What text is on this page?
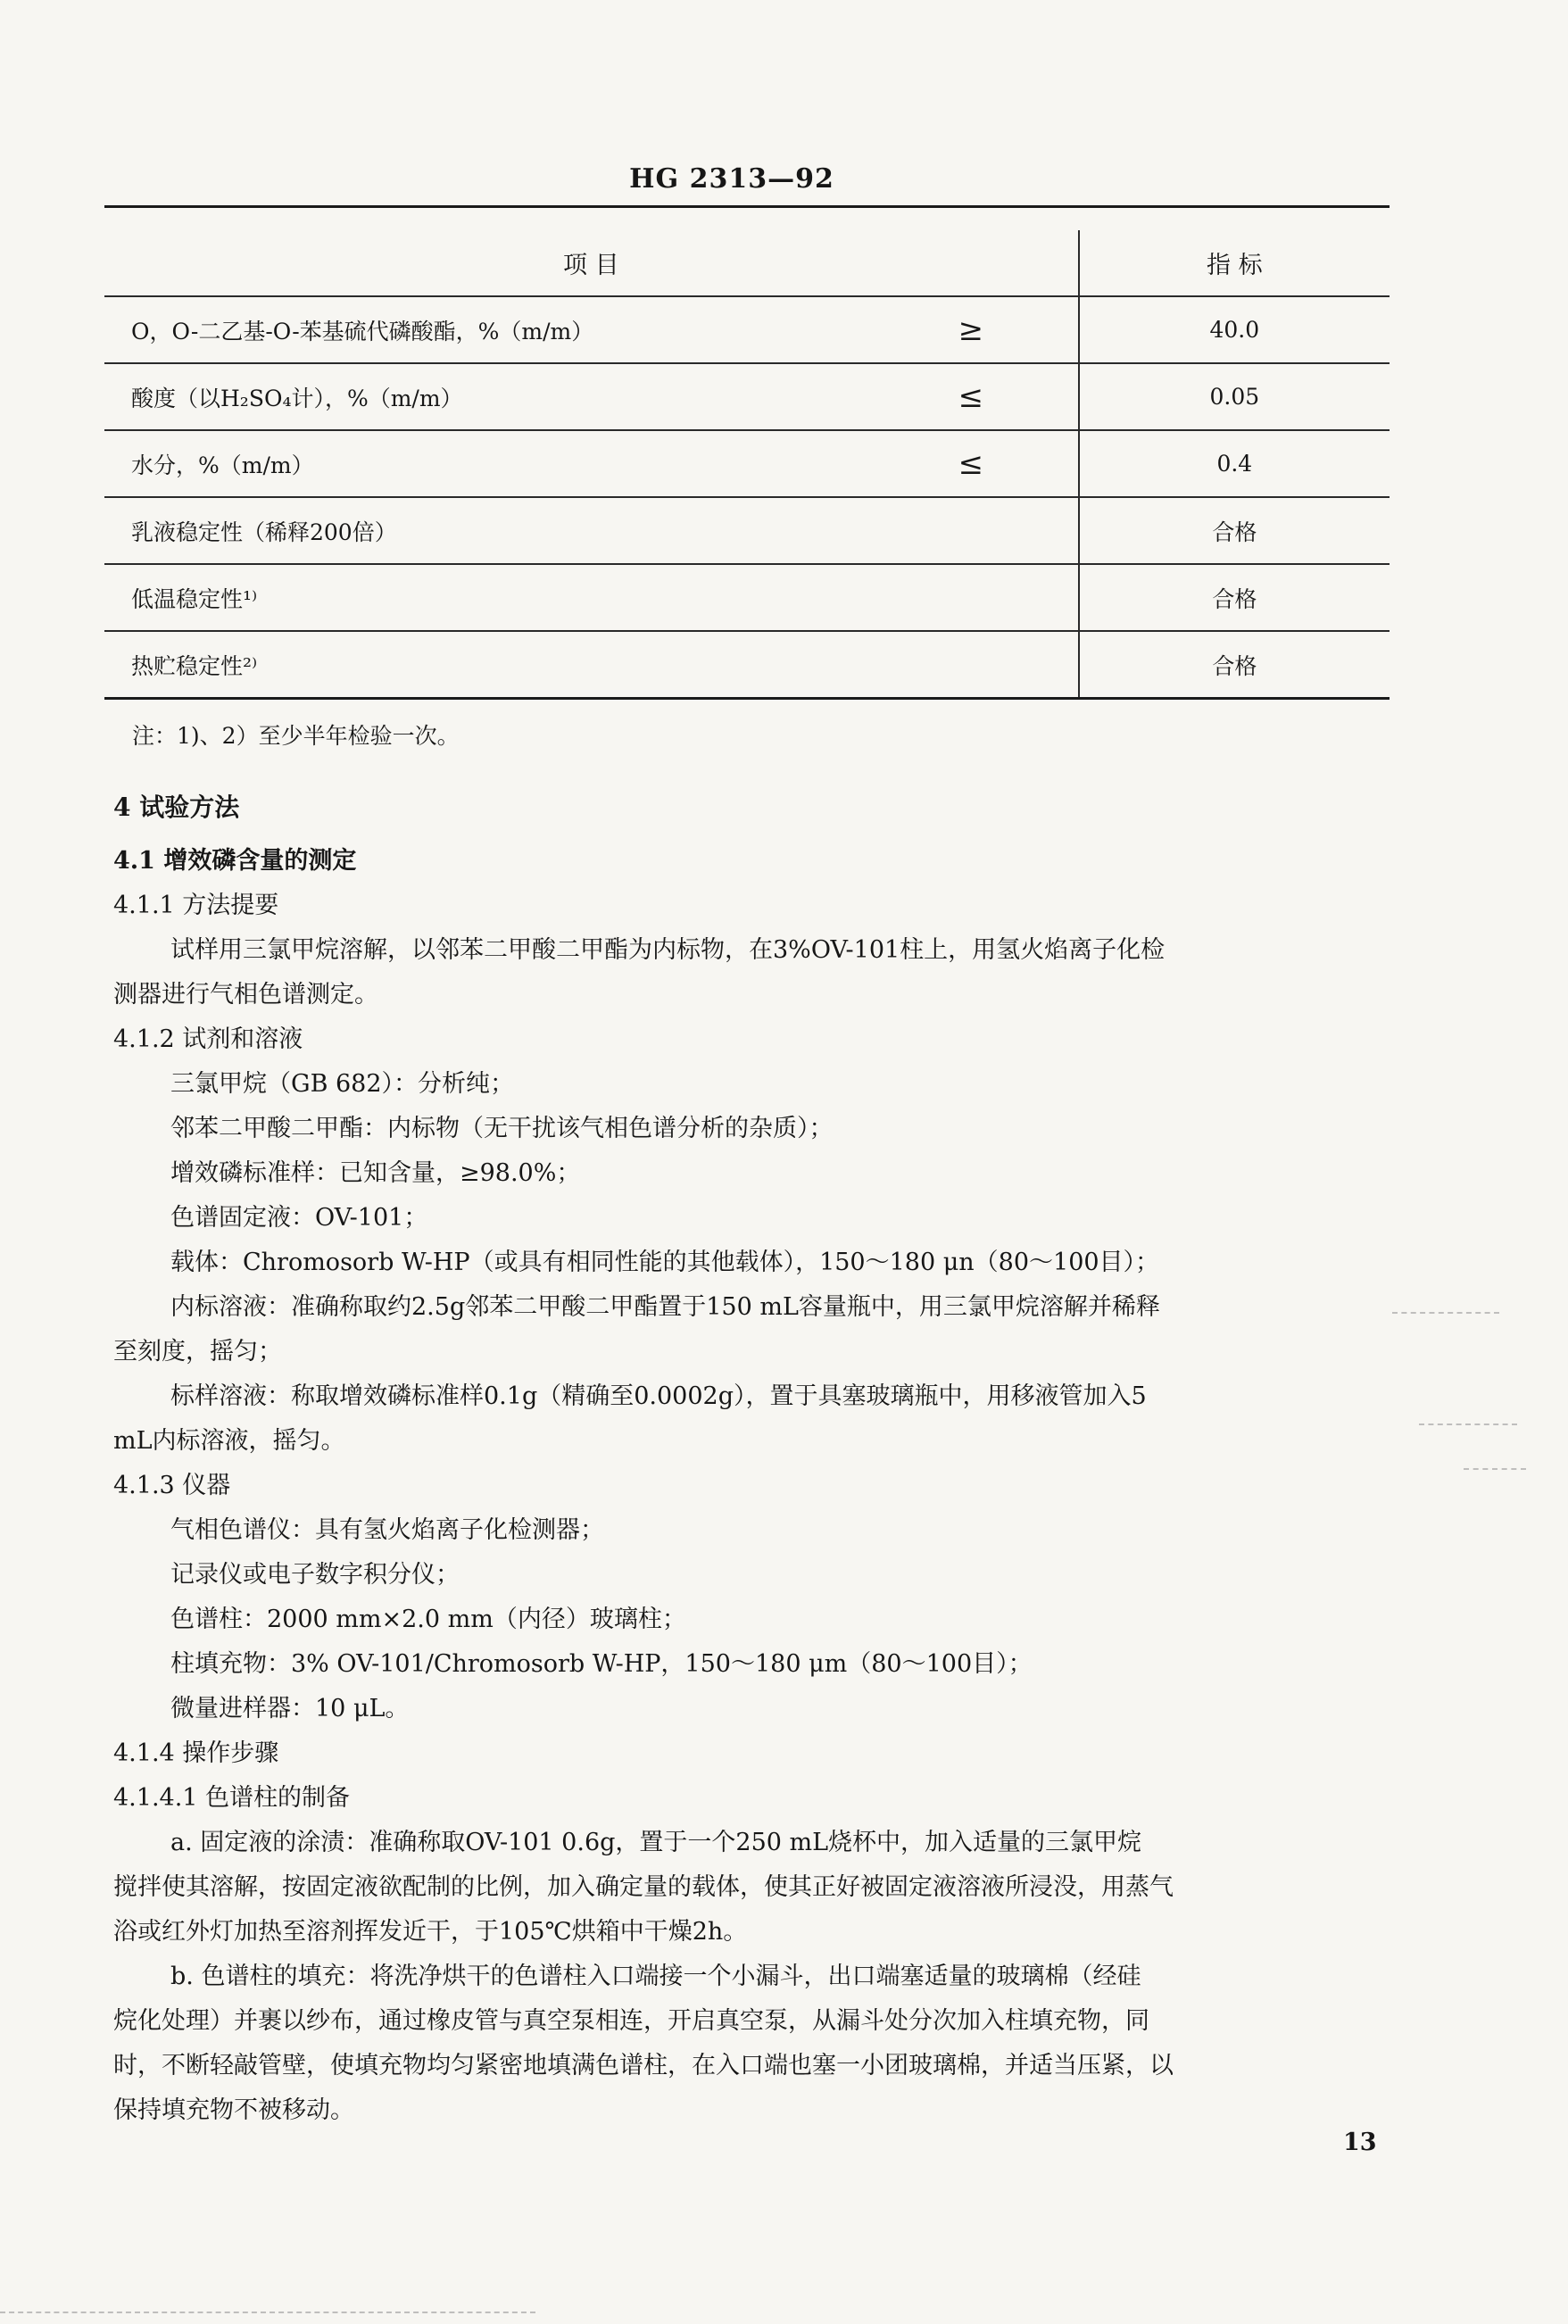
HG 2313—92
项 目		指 标
O，O-二乙基-O-苯基硫代磷酸酯，%（m/m）	≥	40.0
酸度（以H₂SO₄计），%（m/m）	≤	0.05
水分，%（m/m）	≤	0.4
乳液稳定性（稀释200倍）		合格
低温稳定性¹⁾		合格
热贮稳定性²⁾		合格
注：1)、2）至少半年检验一次。
4 试验方法
4.1 增效磷含量的测定
4.1.1 方法提要
试样用三氯甲烷溶解，以邻苯二甲酸二甲酯为内标物，在3%OV-101柱上，用氢火焰离子化检
测器进行气相色谱测定。
4.1.2 试剂和溶液
三氯甲烷（GB 682）：分析纯；
邻苯二甲酸二甲酯：内标物（无干扰该气相色谱分析的杂质）；
增效磷标准样：已知含量，≥98.0%；
色谱固定液：OV-101；
载体：Chromosorb W-HP（或具有相同性能的其他载体），150～180 μn（80～100目）；
内标溶液：准确称取约2.5g邻苯二甲酸二甲酯置于150 mL容量瓶中，用三氯甲烷溶解并稀释
至刻度，摇匀；
标样溶液：称取增效磷标准样0.1g（精确至0.0002g），置于具塞玻璃瓶中，用移液管加入5
mL内标溶液，摇匀。
4.1.3 仪器
气相色谱仪：具有氢火焰离子化检测器；
记录仪或电子数字积分仪；
色谱柱：2000 mm×2.0 mm（内径）玻璃柱；
柱填充物：3% OV-101/Chromosorb W-HP，150～180 μm（80～100目）；
微量进样器：10 μL。
4.1.4 操作步骤
4.1.4.1 色谱柱的制备
a. 固定液的涂渍：准确称取OV-101 0.6g，置于一个250 mL烧杯中，加入适量的三氯甲烷
搅拌使其溶解，按固定液欲配制的比例，加入确定量的载体，使其正好被固定液溶液所浸没，用蒸气
浴或红外灯加热至溶剂挥发近干，于105℃烘箱中干燥2h。
b. 色谱柱的填充：将洗净烘干的色谱柱入口端接一个小漏斗，出口端塞适量的玻璃棉（经硅
烷化处理）并裹以纱布，通过橡皮管与真空泵相连，开启真空泵，从漏斗处分次加入柱填充物，同
时，不断轻敲管壁，使填充物均匀紧密地填满色谱柱，在入口端也塞一小团玻璃棉，并适当压紧，以
保持填充物不被移动。
13
